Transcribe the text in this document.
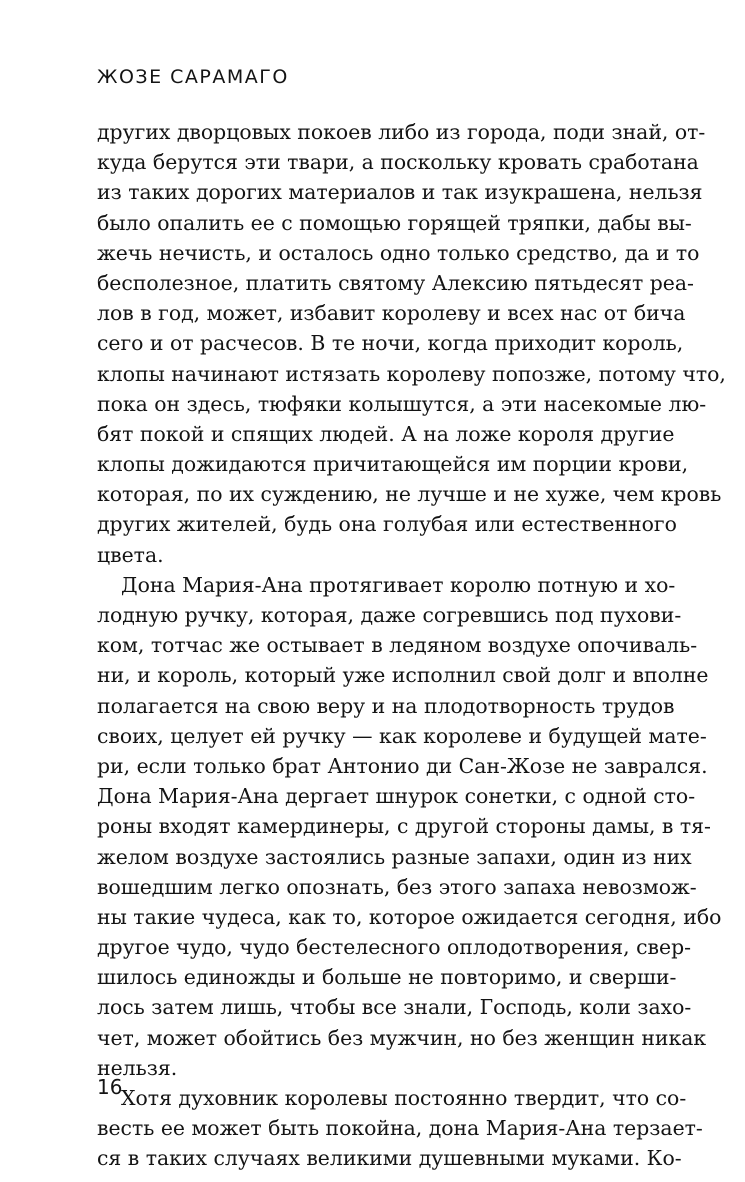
ЖОЗЕ САРАМАГО
других дворцовых покоев либо из города, поди знай, от-
куда берутся эти твари, а поскольку кровать сработана
из таких дорогих материалов и так изукрашена, нельзя
было опалить ее с помощью горящей тряпки, дабы вы-
жечь нечисть, и осталось одно только средство, да и то
бесполезное, платить святому Алексию пятьдесят реа-
лов в год, может, избавит королеву и всех нас от бича
сего и от расчесов. В те ночи, когда приходит король,
клопы начинают истязать королеву попозже, потому что,
пока он здесь, тюфяки колышутся, а эти насекомые лю-
бят покой и спящих людей. А на ложе короля другие
клопы дожидаются причитающейся им порции крови,
которая, по их суждению, не лучше и не хуже, чем кровь
других жителей, будь она голубая или естественного
цвета.
Дона Мария-Ана протягивает королю потную и хо-
лодную ручку, которая, даже согревшись под пухови-
ком, тотчас же остывает в ледяном воздухе опочиваль-
ни, и король, который уже исполнил свой долг и вполне
полагается на свою веру и на плодотворность трудов
своих, целует ей ручку — как королеве и будущей мате-
ри, если только брат Антонио ди Сан-Жозе не заврался.
Дона Мария-Ана дергает шнурок сонетки, с одной сто-
роны входят камердинеры, с другой стороны дамы, в тя-
желом воздухе застоялись разные запахи, один из них
вошедшим легко опознать, без этого запаха невозмож-
ны такие чудеса, как то, которое ожидается сегодня, ибо
другое чудо, чудо бестелесного оплодотворения, свер-
шилось единожды и больше не повторимо, и сверши-
лось затем лишь, чтобы все знали, Господь, коли захо-
чет, может обойтись без мужчин, но без женщин никак
нельзя.
Хотя духовник королевы постоянно твердит, что со-
весть ее может быть покойна, дона Мария-Ана терзает-
ся в таких случаях великими душевными муками. Ко-
16
